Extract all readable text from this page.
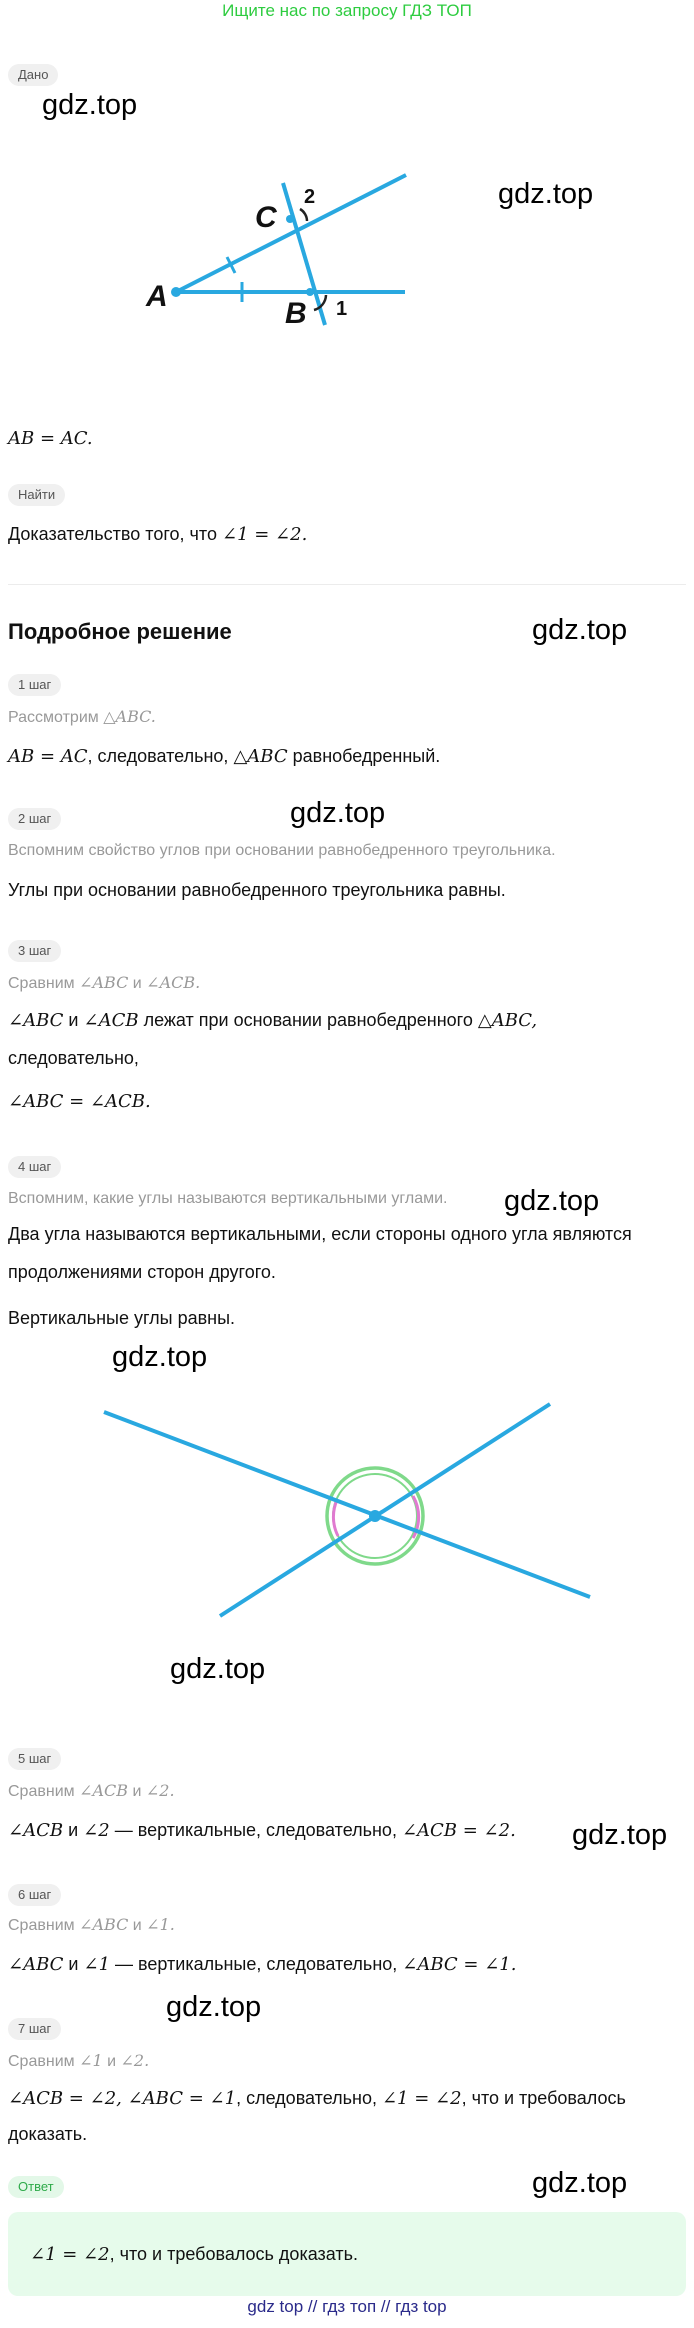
Ищите нас по запросу ГДЗ ТОП
Дано
gdz.top
A
B
C
1
2	gdz.top
AB = AC.
Найти
Доказательство того, что ∠1 = ∠2.
Подробное решение	gdz.top
1 шаг
Рассмотрим △ABC.
AB = AC, следовательно, △ABC равнобедренный.
2 шаг	gdz.top
Вспомним свойство углов при основании равнобедренного треугольника.
Углы при основании равнобедренного треугольника равны.
3 шаг
Сравним ∠ABC и ∠ACB.
∠ABC и ∠ACB лежат при основании равнобедренного △ABC,
следовательно,
∠ABC = ∠ACB.
4 шаг
Вспомним, какие углы называются вертикальными углами. gdz.top
Два угла называются вертикальными, если стороны одного угла являются
продолжениями сторон другого.
Вертикальные углы равны.
gdz.top
gdz.top
5 шаг
Сравним ∠ACB и ∠2.
∠ACB и ∠2 — вертикальные, следовательно, ∠ACB = ∠2. gdz.top
6 шаг
Сравним ∠ABC и ∠1.
∠ABC и ∠1 — вертикальные, следовательно, ∠ABC = ∠1.
7 шаг
gdz.top
Сравним ∠1 и ∠2.
∠ACB = ∠2, ∠ABC = ∠1, следовательно, ∠1 = ∠2, что и требовалось
доказать.
gdz.top
Ответ
∠1 = ∠2, что и требовалось доказать.
gdz top // гдз топ // гдз top
